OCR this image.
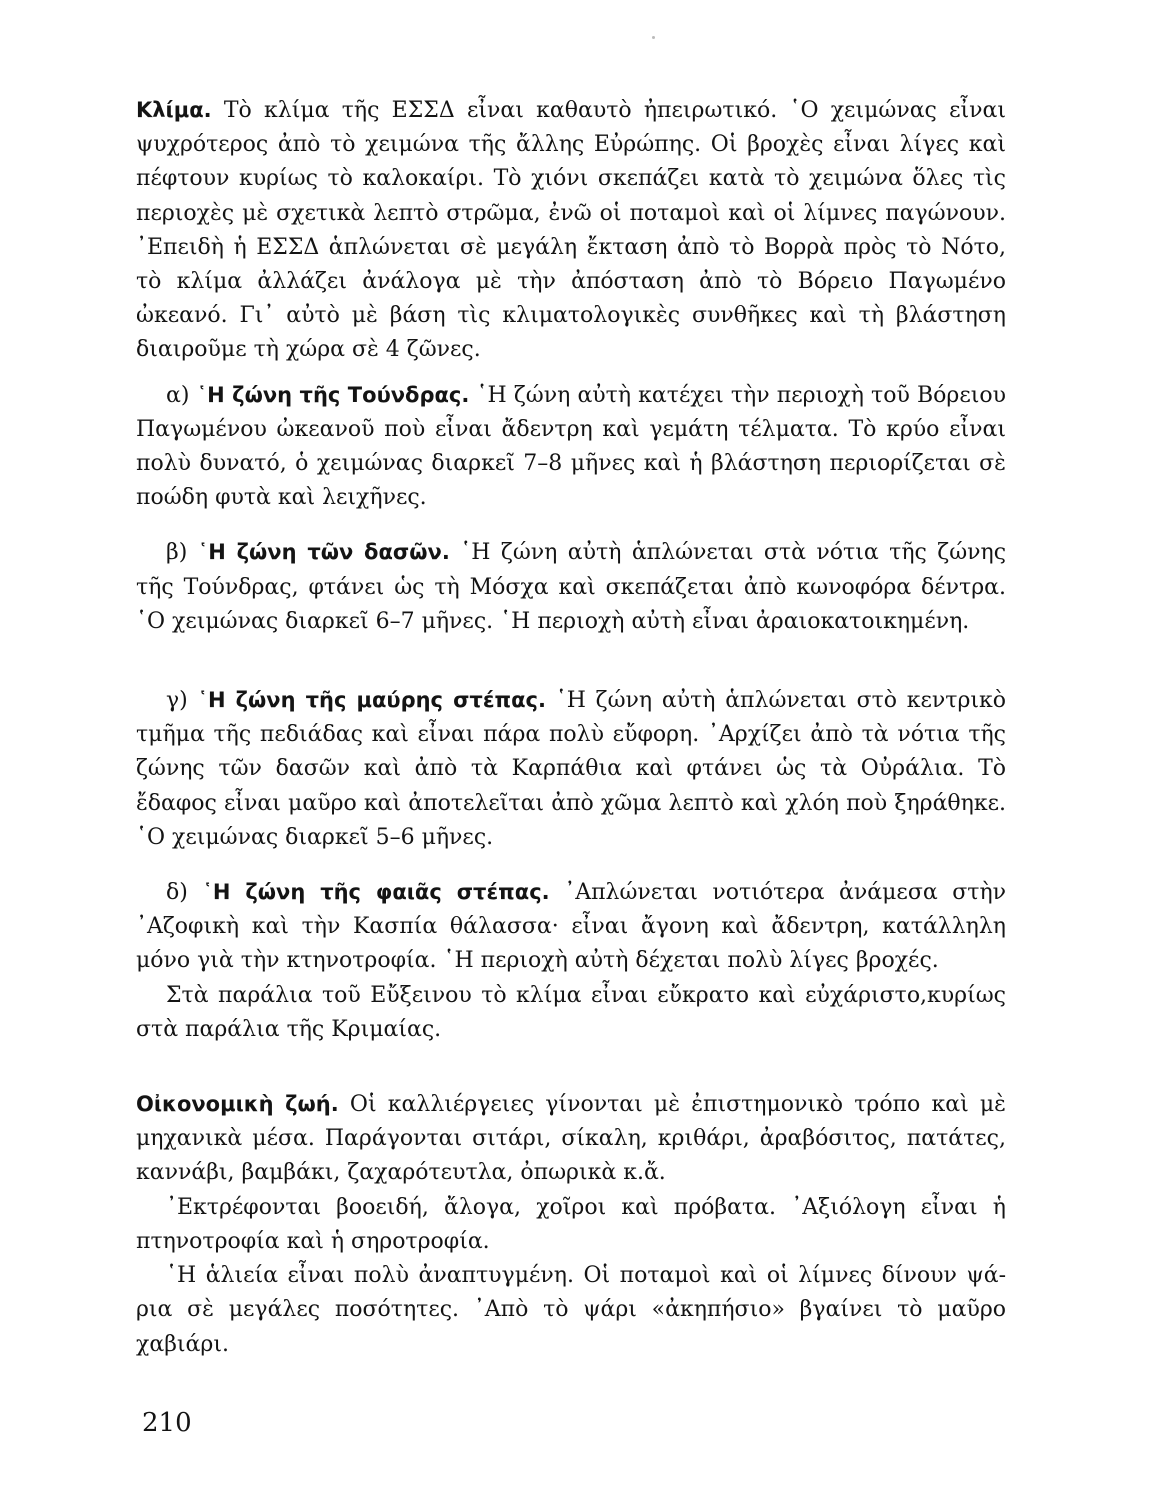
Κλίμα. Τὸ κλίμα τῆς ΕΣΣΔ εἶναι καθαυτὸ ἠπειρωτικό. ῾Ο χειμώνας εἶναι ψυχρότερος ἀπὸ τὸ χειμώνα τῆς ἄλλης Εὐρώπης. Οἱ βροχὲς εἶναι λίγες καὶ πέφτουν κυρίως τὸ καλοκαίρι. Τὸ χιόνι σκεπάζει κατὰ τὸ χειμώνα ὅλες τὶς περιοχὲς μὲ σχετικὰ λεπτὸ στρῶμα, ἐνῶ οἱ ποταμοὶ καὶ οἱ λίμνες παγώνουν. ᾿Επειδὴ ἡ ΕΣΣΔ ἁπλώνεται σὲ μεγάλη ἔκταση ἀπὸ τὸ Βορρὰ πρὸς τὸ Νότο, τὸ κλίμα ἀλλάζει ἀνάλογα μὲ τὴν ἀπόσταση ἀπὸ τὸ Βόρειο Παγωμένο ὠκεανό. Γι᾿ αὐτὸ μὲ βάση τὶς κλιματολογικὲς συνθῆκες καὶ τὴ βλάστηση διαιροῦμε τὴ χώρα σὲ 4 ζῶνες.

α) ῾Η ζώνη τῆς Τούνδρας. ῾Η ζώνη αὐτὴ κατέχει τὴν περιοχὴ τοῦ Βόρειου Παγωμένου ὠκεανοῦ ποὺ εἶναι ἄδεντρη καὶ γεμάτη τέλματα. Τὸ κρύο εἶναι πολὺ δυνατό, ὁ χειμώνας διαρκεῖ 7–8 μῆνες καὶ ἡ βλάστηση περιορίζεται σὲ ποώδη φυτὰ καὶ λειχῆνες.

β) ῾Η ζώνη τῶν δασῶν. ῾Η ζώνη αὐτὴ ἁπλώνεται στὰ νότια τῆς ζώνης τῆς Τούνδρας, φτάνει ὡς τὴ Μόσχα καὶ σκεπάζεται ἀπὸ κωνοφόρα δέντρα. ῾Ο χειμώνας διαρκεῖ 6–7 μῆνες. ῾Η περιοχὴ αὐτὴ εἶναι ἀραιοκατοικημένη.

γ) ῾Η ζώνη τῆς μαύρης στέπας. ῾Η ζώνη αὐτὴ ἁπλώνεται στὸ κεντρικὸ τμῆμα τῆς πεδιάδας καὶ εἶναι πάρα πολὺ εὔφορη. ᾿Αρχίζει ἀπὸ τὰ νότια τῆς ζώνης τῶν δασῶν καὶ ἀπὸ τὰ Καρπάθια καὶ φτάνει ὡς τὰ Οὐράλια. Τὸ ἔδαφος εἶναι μαῦρο καὶ ἀποτελεῖται ἀπὸ χῶμα λεπτὸ καὶ χλόη ποὺ ξηράθηκε. ῾Ο χειμώνας διαρκεῖ 5–6 μῆνες.

δ) ῾Η ζώνη τῆς φαιᾶς στέπας. ᾿Απλώνεται νοτιότερα ἀνάμεσα στὴν ᾿Αζοφικὴ καὶ τὴν Κασπία θάλασσα· εἶναι ἄγονη καὶ ἄδεντρη, κατάλληλη μόνο γιὰ τὴν κτηνοτροφία. ῾Η περιοχὴ αὐτὴ δέχεται πολὺ λίγες βροχές.

Στὰ παράλια τοῦ Εὔξεινου τὸ κλίμα εἶναι εὔκρατο καὶ εὐχάριστο,κυρίως στὰ παράλια τῆς Κριμαίας.

Οἰκονομικὴ ζωή. Οἱ καλλιέργειες γίνονται μὲ ἐπιστημονικὸ τρόπο καὶ μὲ μηχανικὰ μέσα. Παράγονται σιτάρι, σίκαλη, κριθάρι, ἀραβόσιτος, πατάτες, καννάβι, βαμβάκι, ζαχαρότευτλα, ὀπωρικὰ κ.ἄ.

᾿Εκτρέφονται βοοειδή, ἄλογα, χοῖροι καὶ πρόβατα. ᾿Αξιόλογη εἶναι ἡ πτηνοτροφία καὶ ἡ σηροτροφία.

῾Η ἁλιεία εἶναι πολὺ ἀναπτυγμένη. Οἱ ποταμοὶ καὶ οἱ λίμνες δίνουν ψάρια σὲ μεγάλες ποσότητες. ᾿Απὸ τὸ ψάρι «ἀκηπήσιο» βγαίνει τὸ μαῦρο χαβιάρι.

210
